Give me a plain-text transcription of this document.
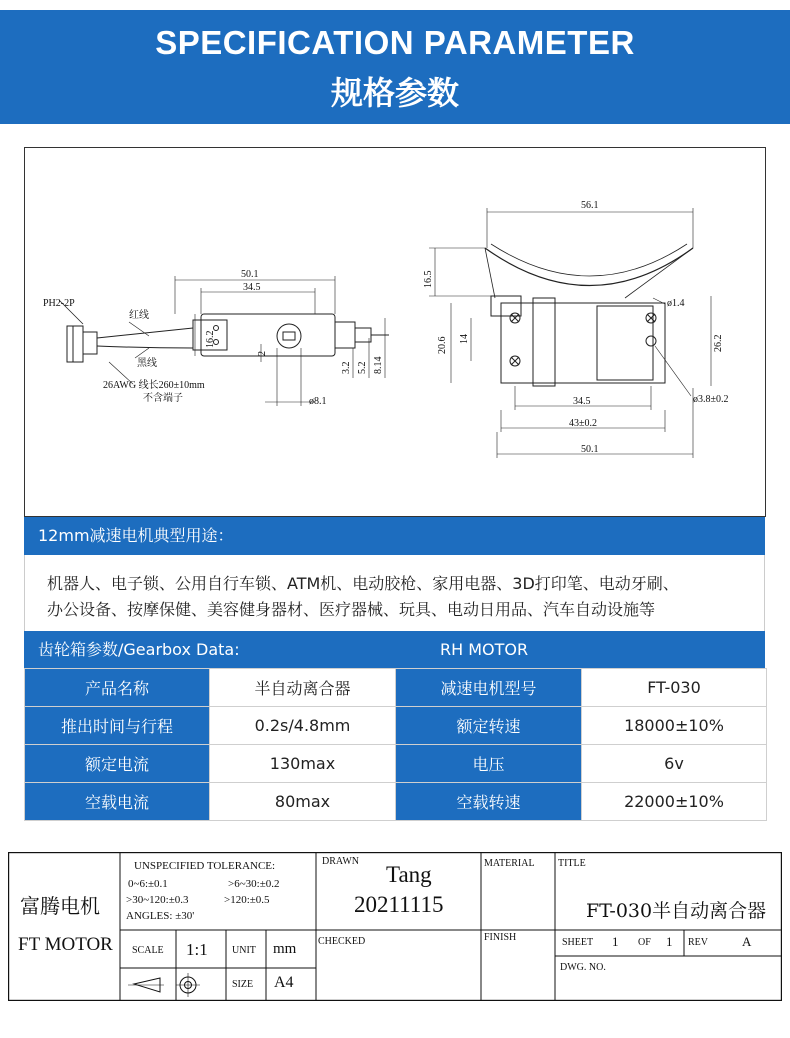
SPECIFICATION PARAMETER
规格参数
PH2-2P
红线
黑线
26AWG 线长260±10mm
不含端子
50.1
34.5
16.2
2
3.2 5.2 8.14
ø8.1
56.1
16.5
ø1.4
20.6 14	26.2
34.5
43±0.2
50.1
ø3.8±0.2
12mm减速电机典型用途：
机器人、电子锁、公用自行车锁、ATM机、电动胶枪、家用电器、3D打印笔、电动牙刷、
办公设备、按摩保健、美容健身器材、医疗器械、玩具、电动日用品、汽车自动设施等
齿轮箱参数/Gearbox Data:	RH MOTOR
产品名称	半自动离合器	减速电机型号	FT-030
推出时间与行程	0.2s/4.8mm	额定转速	18000±10%
额定电流	130max	电压	6v
空载电流	80max	空载转速	22000±10%
富腾电机
FT MOTOR
UNSPECIFIED TOLERANCE:
0~6:±0.1	>6~30:±0.2
>30~120:±0.3	>120:±0.5
ANGLES: ±30'
SCALE 1:1 UNIT mm
SIZE A4
DRAWN
Tang
20211115
CHECKED
MATERIAL
FINISH
TITLE
FT-030半自动离合器
SHEET 1 OF 1 REV	A
DWG. NO.
